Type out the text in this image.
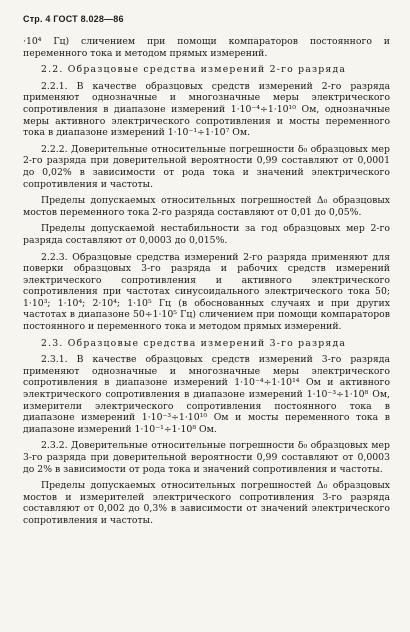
Стр. 4 ГОСТ 8.028—86

·10⁴ Гц) сличением при помощи компараторов постоянного и переменного тока и методом прямых измерений.

2.2. Образцовые средства измерений 2-го разряда

2.2.1. В качестве образцовых средств измерений 2-го разряда применяют однозначные и многозначные меры электрического сопротивления в диапазоне измерений 1·10⁻⁴÷1·10¹⁰ Ом, однозначные меры активного электрического сопротивления и мосты переменного тока в диапазоне измерений 1·10⁻¹÷1·10⁷ Ом.

2.2.2. Доверительные относительные погрешности δ₀ образцовых мер 2-го разряда при доверительной вероятности 0,99 составляют от 0,0001 до 0,02% в зависимости от рода тока и значений электрического сопротивления и частоты.

Пределы допускаемых относительных погрешностей Δ₀ образцовых мостов переменного тока 2-го разряда составляют от 0,01 до 0,05%.

Пределы допускаемой нестабильности за год образцовых мер 2-го разряда составляют от 0,0003 до 0,015%.

2.2.3. Образцовые средства измерений 2-го разряда применяют для поверки образцовых 3-го разряда и рабочих средств измерений электрического сопротивления и активного электрического сопротивления при частотах синусоидального электрического тока 50; 1·10³; 1·10⁴; 2·10⁴; 1·10⁵ Гц (в обоснованных случаях и при других частотах в диапазоне 50÷1·10⁵ Гц) сличением при помощи компараторов постоянного и переменного тока и методом прямых измерений.

2.3. Образцовые средства измерений 3-го разряда

2.3.1. В качестве образцовых средств измерений 3-го разряда применяют однозначные и многозначные меры электрического сопротивления в диапазоне измерений 1·10⁻⁴÷1·10¹⁴ Ом и активного электрического сопротивления в диапазоне измерений 1·10⁻³÷1·10⁸ Ом, измерители электрического сопротивления постоянного тока в диапазоне измерений 1·10⁻³÷1·10¹⁰ Ом и мосты переменного тока в диапазоне измерений 1·10⁻¹÷1·10⁸ Ом.

2.3.2. Доверительные относительные погрешности δ₀ образцовых мер 3-го разряда при доверительной вероятности 0,99 составляют от 0,0003 до 2% в зависимости от рода тока и значений сопротивления и частоты.

Пределы допускаемых относительных погрешностей Δ₀ образцовых мостов и измерителей электрического сопротивления 3-го разряда составляют от 0,002 до 0,3% в зависимости от значений электрического сопротивления и частоты.
